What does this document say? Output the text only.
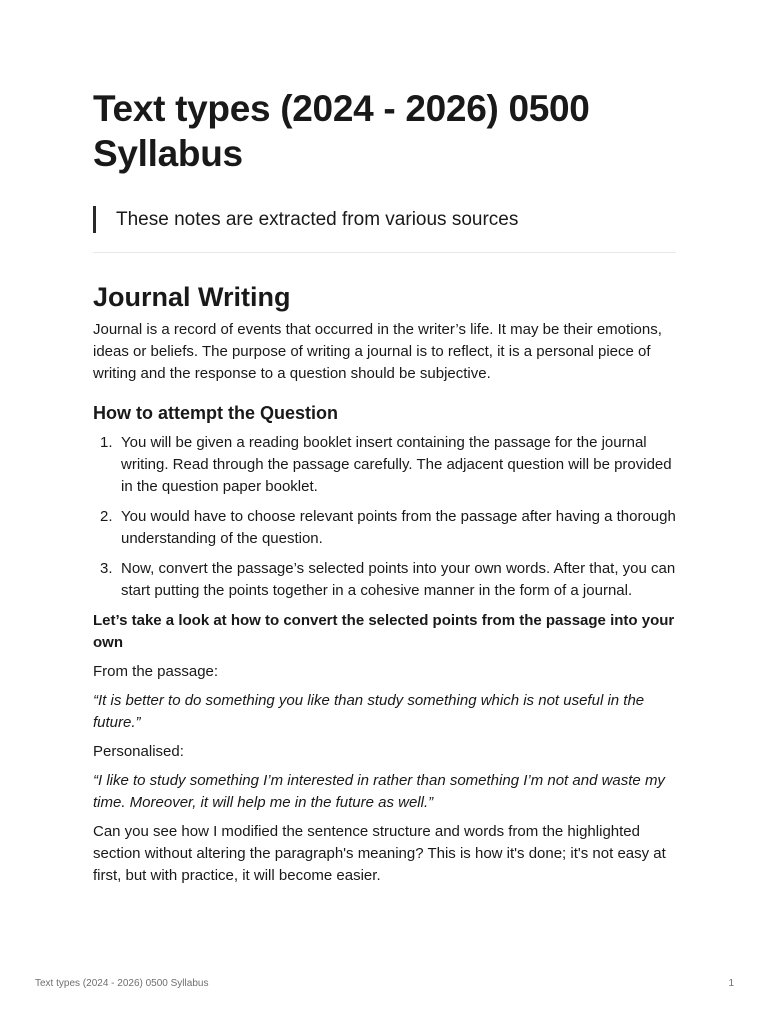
Text types (2024 - 2026) 0500 Syllabus
These notes are extracted from various sources
Journal Writing

Journal is a record of events that occurred in the writer’s life. It may be their emotions, ideas or beliefs. The purpose of writing a journal is to reflect, it is a personal piece of writing and the response to a question should be subjective.

How to attempt the Question
1. You will be given a reading booklet insert containing the passage for the journal writing. Read through the passage carefully. The adjacent question will be provided in the question paper booklet.
2. You would have to choose relevant points from the passage after having a thorough understanding of the question.
3. Now, convert the passage’s selected points into your own words. After that, you can start putting the points together in a cohesive manner in the form of a journal.

Let’s take a look at how to convert the selected points from the passage into your own

From the passage:

“It is better to do something you like than study something which is not useful in the future.”

Personalised:

“I like to study something I’m interested in rather than something I’m not and waste my time. Moreover, it will help me in the future as well.”

Can you see how I modified the sentence structure and words from the highlighted section without altering the paragraph's meaning? This is how it's done; it's not easy at first, but with practice, it will become easier.

Text types (2024 - 2026) 0500 Syllabus	1
